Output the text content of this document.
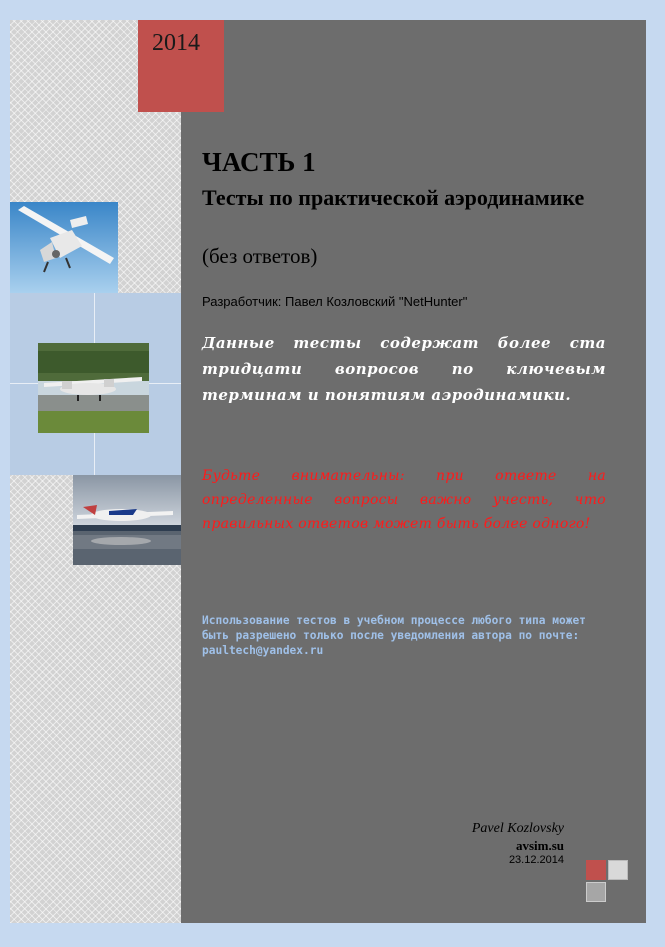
2014
ЧАСТЬ 1
Тесты по практической аэродинамике
(без ответов)
Разработчик: Павел Козловский "NetHunter"
Данные тесты содержат более ста тридцати вопросов по ключевым терминам и понятиям аэродинамики.
Будьте внимательны: при ответе на определенные вопросы важно учесть, что правильных ответов может быть более одного!
Использование тестов в учебном процессе любого типа может быть разрешено только после уведомления автора по почте: paultech@yandex.ru
Pavel Kozlovsky
avsim.su
23.12.2014
